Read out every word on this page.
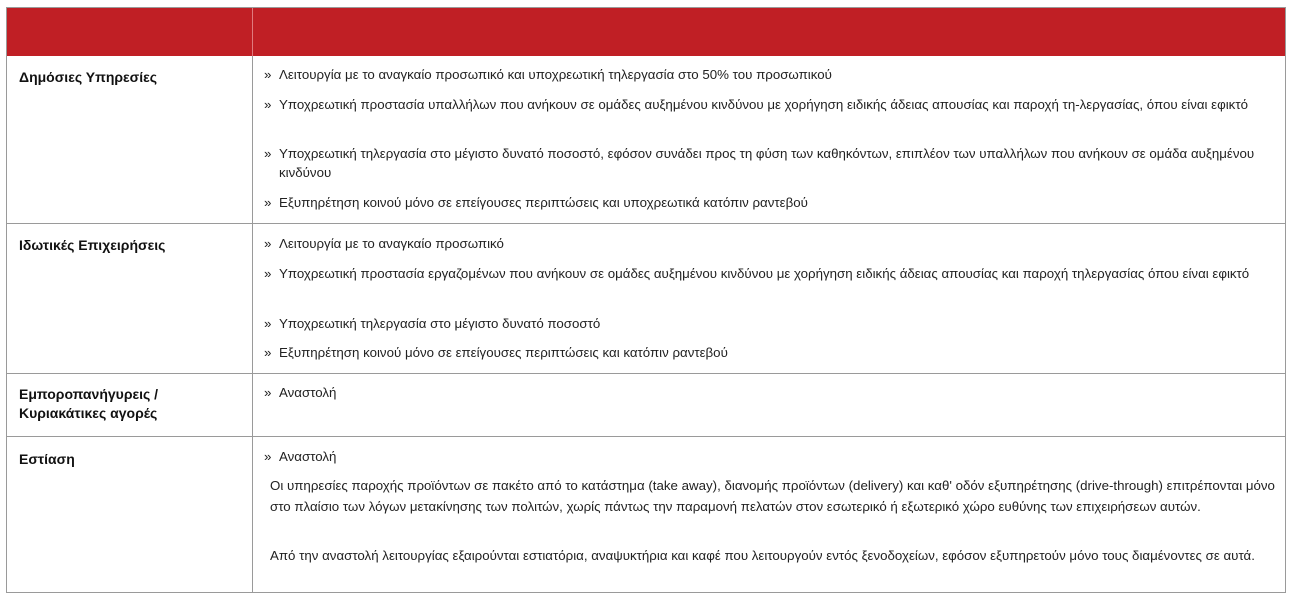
Δημόσιες Υπηρεσίες	» Λειτουργία με το αναγκαίο προσωπικό και υποχρεωτική τηλεργασία στο 50% του προσωπικού
» Υποχρεωτική προστασία υπαλλήλων που ανήκουν σε ομάδες αυξημένου κινδύνου με χορήγηση ειδικής άδειας απουσίας και παροχή τη-λεργασίας, όπου είναι εφικτό
» Υποχρεωτική τηλεργασία στο μέγιστο δυνατό ποσοστό, εφόσον συνάδει προς τη φύση των καθηκόντων, επιπλέον των υπαλλήλων που ανήκουν σε ομάδα αυξημένου κινδύνου
» Εξυπηρέτηση κοινού μόνο σε επείγουσες περιπτώσεις και υποχρεωτικά κατόπιν ραντεβού
Ιδωτικές Επιχειρήσεις	» Λειτουργία με το αναγκαίο προσωπικό
» Υποχρεωτική προστασία εργαζομένων που ανήκουν σε ομάδες αυξημένου κινδύνου με χορήγηση ειδικής άδειας απουσίας και παροχή τηλεργασίας όπου είναι εφικτό
» Υποχρεωτική τηλεργασία στο μέγιστο δυνατό ποσοστό
» Εξυπηρέτηση κοινού μόνο σε επείγουσες περιπτώσεις και κατόπιν ραντεβού
Εμποροπανήγυρεις / Κυριακάτικες αγορές
» Αναστολή
Εστίαση	» Αναστολή
Οι υπηρεσίες παροχής προϊόντων σε πακέτο από το κατάστημα (take away), διανομής προϊόντων (delivery) και καθ' οδόν εξυπηρέτησης (drive-through) επιτρέπονται μόνο στο πλαίσιο των λόγων μετακίνησης των πολιτών, χωρίς πάντως την παραμονή πελατών στον εσωτερικό ή εξωτερικό χώρο ευθύνης των επιχειρήσεων αυτών.
Από την αναστολή λειτουργίας εξαιρούνται εστιατόρια, αναψυκτήρια και καφέ που λειτουργούν εντός ξενοδοχείων, εφόσον εξυπηρετούν μόνο τους διαμένοντες σε αυτά.
